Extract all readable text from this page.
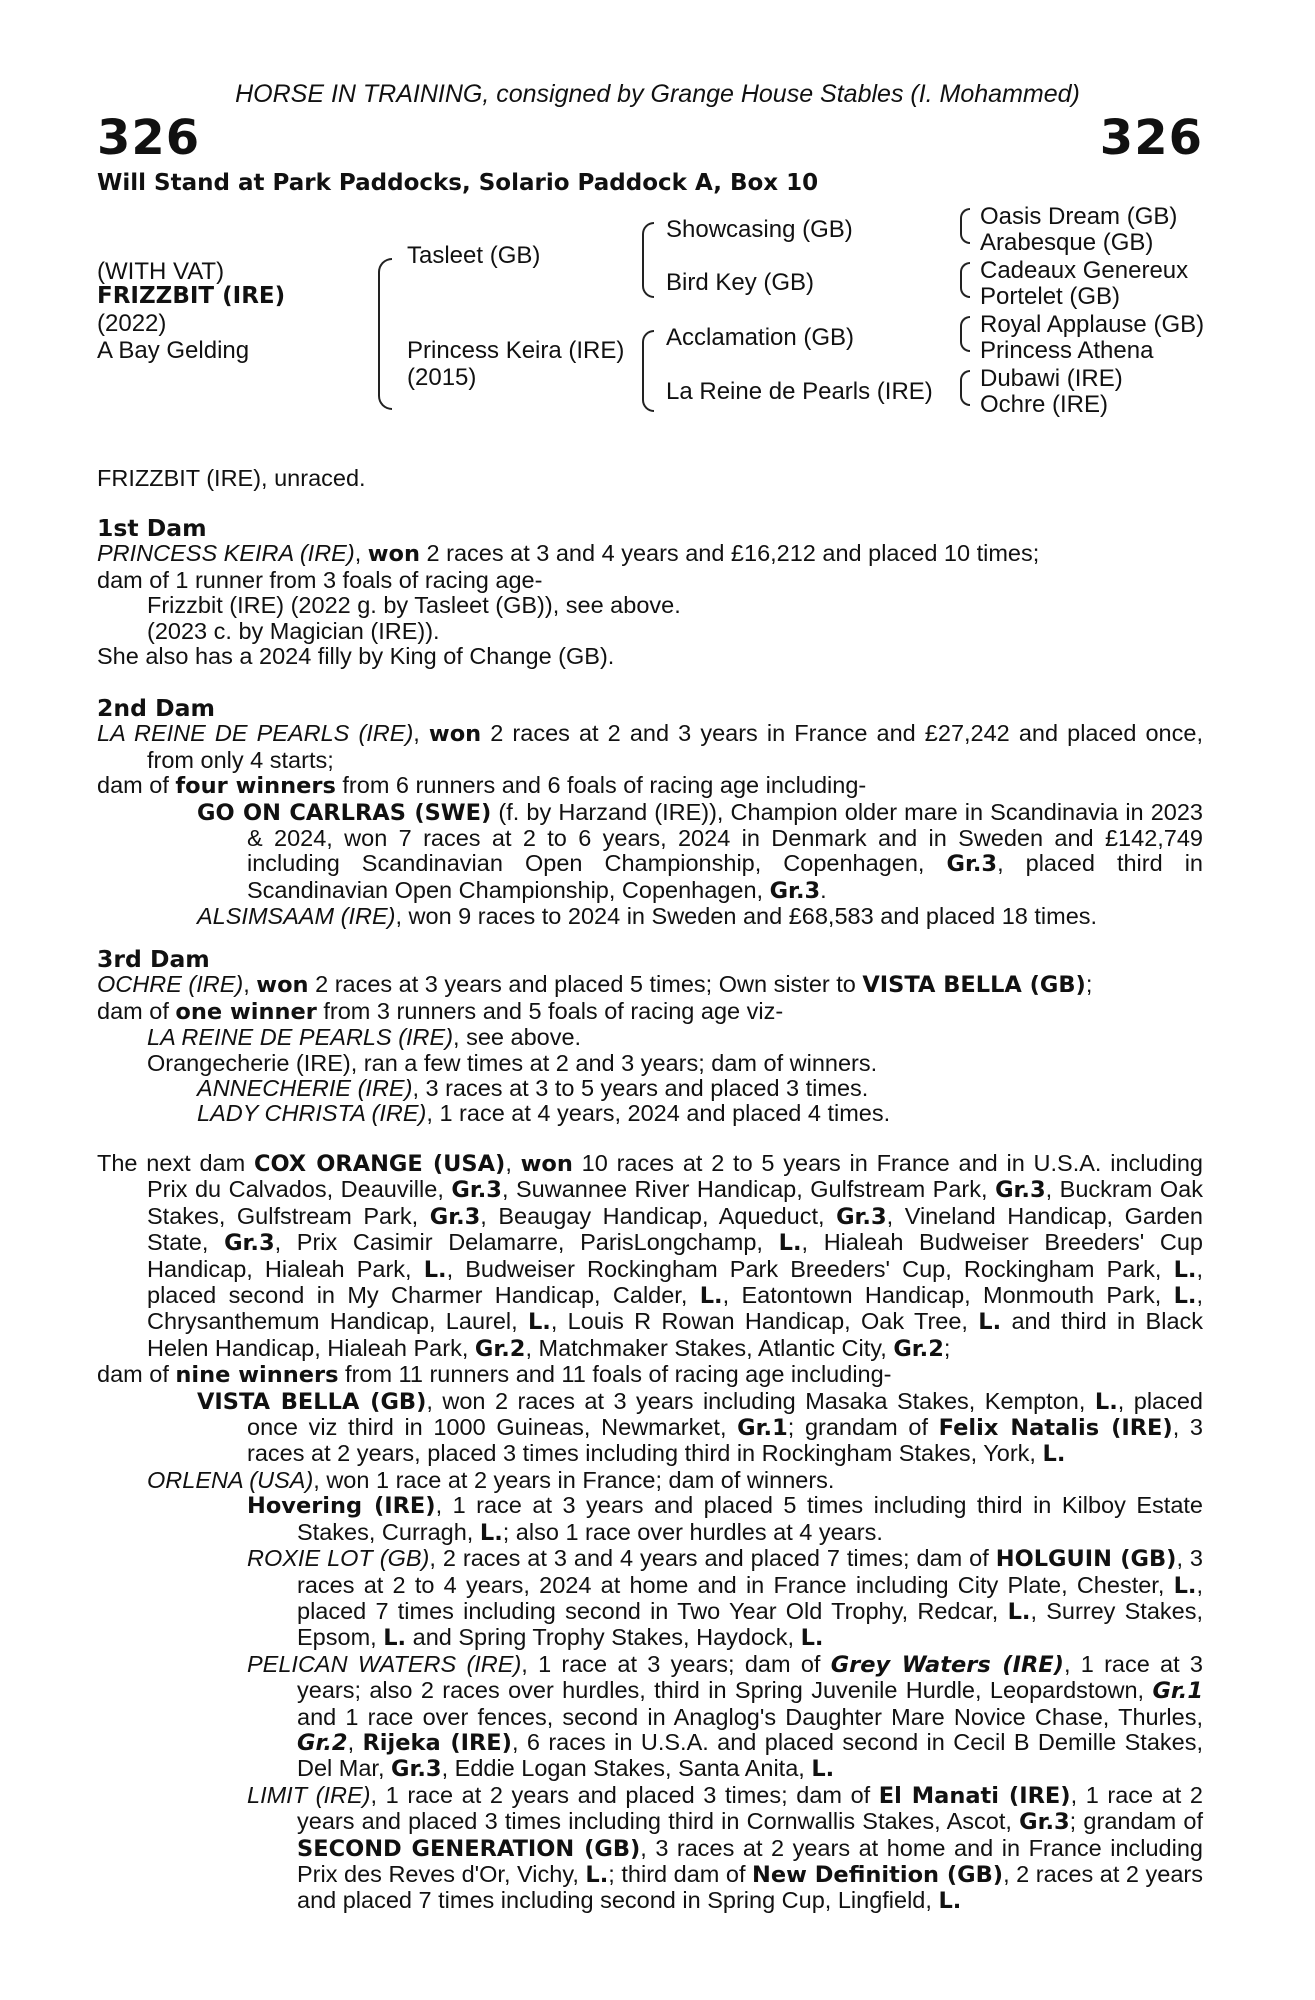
HORSE IN TRAINING, consigned by Grange House Stables (I. Mohammed)
326	326
Will Stand at Park Paddocks, Solario Paddock A, Box 10
(WITH VAT)
FRIZZBIT (IRE)
(2022)
A Bay Gelding
Tasleet (GB)
Princess Keira (IRE)
(2015)
Showcasing (GB)
Bird Key (GB)
Acclamation (GB)
La Reine de Pearls (IRE)
Oasis Dream (GB)
Arabesque (GB)
Cadeaux Genereux
Portelet (GB)
Royal Applause (GB)
Princess Athena
Dubawi (IRE)
Ochre (IRE)
FRIZZBIT (IRE), unraced.

1st Dam

PRINCESS KEIRA (IRE), won 2 races at 3 and 4 years and £16,212 and placed 10 times;

dam of 1 runner from 3 foals of racing age-

Frizzbit (IRE) (2022 g. by Tasleet (GB)), see above.

(2023 c. by Magician (IRE)).

She also has a 2024 filly by King of Change (GB).

2nd Dam

LA REINE DE PEARLS (IRE), won 2 races at 2 and 3 years in France and £27,242 and placed once, from only 4 starts;

dam of four winners from 6 runners and 6 foals of racing age including-

GO ON CARLRAS (SWE) (f. by Harzand (IRE)), Champion older mare in Scandinavia in 2023 & 2024, won 7 races at 2 to 6 years, 2024 in Denmark and in Sweden and £142,749 including Scandinavian Open Championship, Copenhagen, Gr.3, placed third in Scandinavian Open Championship, Copenhagen, Gr.3.

ALSIMSAAM (IRE), won 9 races to 2024 in Sweden and £68,583 and placed 18 times.

3rd Dam

OCHRE (IRE), won 2 races at 3 years and placed 5 times; Own sister to VISTA BELLA (GB);

dam of one winner from 3 runners and 5 foals of racing age viz-

LA REINE DE PEARLS (IRE), see above.

Orangecherie (IRE), ran a few times at 2 and 3 years; dam of winners.

ANNECHERIE (IRE), 3 races at 3 to 5 years and placed 3 times.

LADY CHRISTA (IRE), 1 race at 4 years, 2024 and placed 4 times.

The next dam COX ORANGE (USA), won 10 races at 2 to 5 years in France and in U.S.A. including Prix du Calvados, Deauville, Gr.3, Suwannee River Handicap, Gulfstream Park, Gr.3, Buckram Oak Stakes, Gulfstream Park, Gr.3, Beaugay Handicap, Aqueduct, Gr.3, Vineland Handicap, Garden State, Gr.3, Prix Casimir Delamarre, ParisLongchamp, L., Hialeah Budweiser Breeders' Cup Handicap, Hialeah Park, L., Budweiser Rockingham Park Breeders' Cup, Rockingham Park, L., placed second in My Charmer Handicap, Calder, L., Eatontown Handicap, Monmouth Park, L., Chrysanthemum Handicap, Laurel, L., Louis R Rowan Handicap, Oak Tree, L. and third in Black Helen Handicap, Hialeah Park, Gr.2, Matchmaker Stakes, Atlantic City, Gr.2;

dam of nine winners from 11 runners and 11 foals of racing age including-

VISTA BELLA (GB), won 2 races at 3 years including Masaka Stakes, Kempton, L., placed once viz third in 1000 Guineas, Newmarket, Gr.1; grandam of Felix Natalis (IRE), 3 races at 2 years, placed 3 times including third in Rockingham Stakes, York, L.

ORLENA (USA), won 1 race at 2 years in France; dam of winners.

Hovering (IRE), 1 race at 3 years and placed 5 times including third in Kilboy Estate Stakes, Curragh, L.; also 1 race over hurdles at 4 years.

ROXIE LOT (GB), 2 races at 3 and 4 years and placed 7 times; dam of HOLGUIN (GB), 3 races at 2 to 4 years, 2024 at home and in France including City Plate, Chester, L., placed 7 times including second in Two Year Old Trophy, Redcar, L., Surrey Stakes, Epsom, L. and Spring Trophy Stakes, Haydock, L.

PELICAN WATERS (IRE), 1 race at 3 years; dam of Grey Waters (IRE), 1 race at 3 years; also 2 races over hurdles, third in Spring Juvenile Hurdle, Leopardstown, Gr.1 and 1 race over fences, second in Anaglog's Daughter Mare Novice Chase, Thurles, Gr.2, Rijeka (IRE), 6 races in U.S.A. and placed second in Cecil B Demille Stakes, Del Mar, Gr.3, Eddie Logan Stakes, Santa Anita, L.

LIMIT (IRE), 1 race at 2 years and placed 3 times; dam of El Manati (IRE), 1 race at 2 years and placed 3 times including third in Cornwallis Stakes, Ascot, Gr.3; grandam of SECOND GENERATION (GB), 3 races at 2 years at home and in France including Prix des Reves d'Or, Vichy, L.; third dam of New Definition (GB), 2 races at 2 years and placed 7 times including second in Spring Cup, Lingfield, L.
